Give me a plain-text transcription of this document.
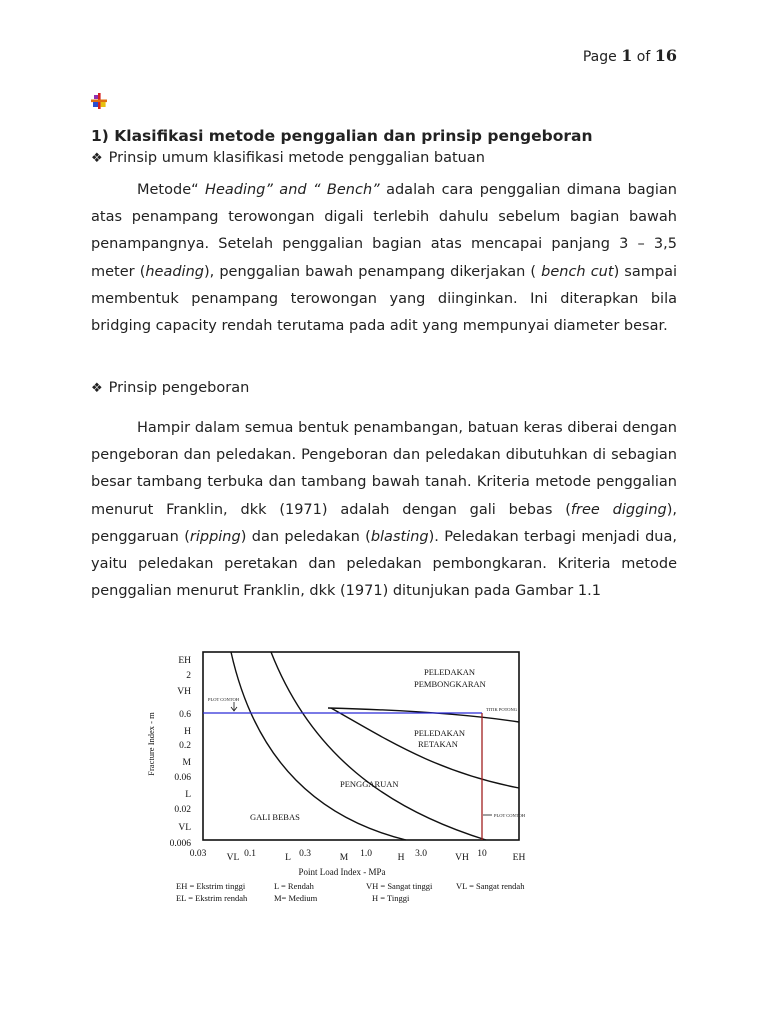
Page 1 of 16
1) Klasifikasi metode penggalian dan prinsip pengeboran
❖ Prinsip umum klasifikasi metode penggalian batuan

Metode“ Heading” and “ Bench” adalah cara penggalian dimana bagian atas penampang terowongan digali terlebih dahulu sebelum bagian bawah penampangnya. Setelah penggalian bagian atas mencapai panjang 3 – 3,5 meter (heading), penggalian bawah penampang dikerjakan ( bench cut) sampai membentuk penampang terowongan yang diinginkan. Ini diterapkan bila bridging capacity rendah terutama pada adit yang mempunyai diameter besar.

❖ Prinsip pengeboran

Hampir dalam semua bentuk penambangan, batuan keras diberai dengan pengeboran dan peledakan. Pengeboran dan peledakan dibutuhkan di sebagian besar tambang terbuka dan tambang bawah tanah. Kriteria metode penggalian menurut Franklin, dkk (1971) adalah dengan gali bebas (free digging), penggaruan (ripping) dan peledakan (blasting). Peledakan terbagi menjadi dua, yaitu peledakan peretakan dan peledakan pembongkaran. Kriteria metode penggalian menurut Franklin, dkk (1971) ditunjukan pada Gambar 1.1

EH
2
VH
0.6
H
0.2
M
0.06
L
0.02
VL
0.006
Fracture Index - m
0.03 VL 0.1	L 0.3	M 1.0	H 3.0	VH 10	EH
Point Load Index - MPa
PELEDAKAN
PEMBONGKARAN
PELEDAKAN
RETAKAN
PENGGARUAN
GALI BEBAS
PLOT CONTOH
TITIK POTONG
PLOT CONTOH
EH = Ekstrim tinggi	L = Rendah	VH = Sangat tinggi	VL = Sangat rendah
EL = Ekstrim rendah	M= Medium	H = Tinggi
